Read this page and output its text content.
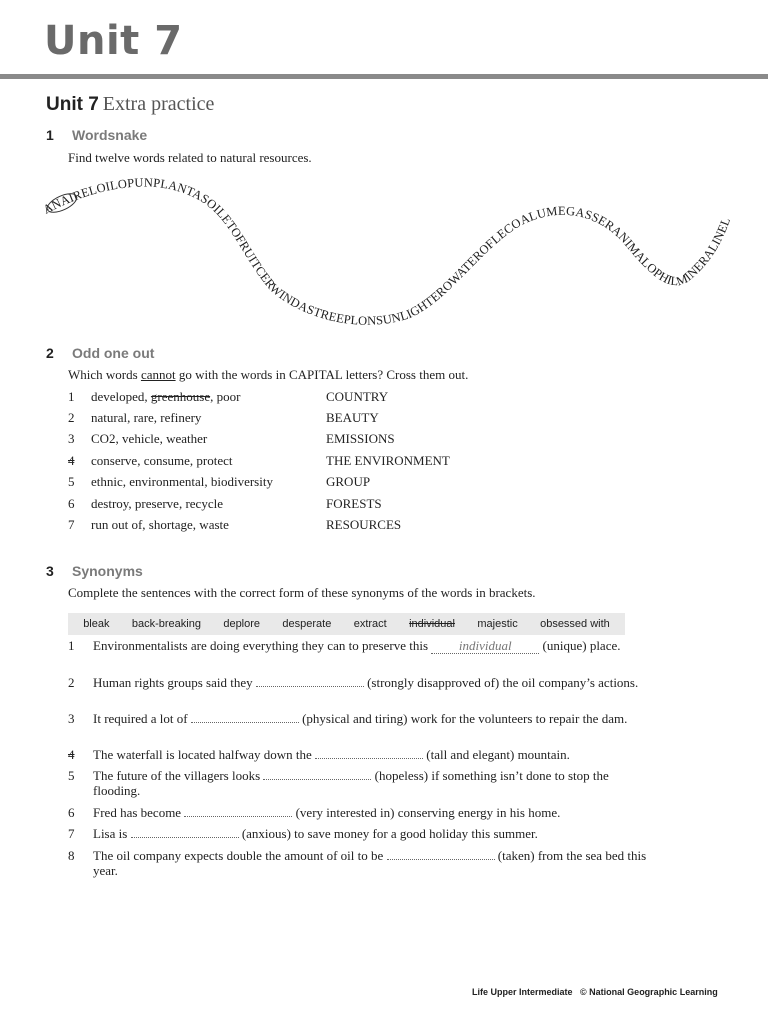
Unit 7
Unit 7 Extra practice
1 Wordsnake
Find twelve words related to natural resources.
ANAIRELOILOPUNPLANTASOILETOFRUITCERWINDASTREEPLONSUNLIGHTEROWATEROFLECOALUMEGASSERANIMALOPHILMINERALINEL
2 Odd one out
Which words cannot go with the words in CAPITAL letters? Cross them out.
1 developed, greenhouse, poor	COUNTRY
2 natural, rare, refinery	BEAUTY
3 CO2, vehicle, weather	EMISSIONS
4 conserve, consume, protect	THE ENVIRONMENT
5 ethnic, environmental, biodiversity	GROUP
6 destroy, preserve, recycle	FORESTS
7 run out of, shortage, waste	RESOURCES
3 Synonyms
Complete the sentences with the correct form of these synonyms of the words in brackets.
bleak back-breaking deplore desperate extract individual majestic obsessed with
1 Environmentalists are doing everything they can to preserve this individual (unique) place.
2 Human rights groups said they	(strongly disapproved of) the oil company’s actions.
3 It required a lot of	(physical and tiring) work for the volunteers to repair the dam.
4 The waterfall is located halfway down the	(tall and elegant) mountain.
5 The future of the villagers looks	(hopeless) if something isn’t done to stop the flooding.
6 Fred has become	(very interested in) conserving energy in his home.
7 Lisa is	(anxious) to save money for a good holiday this summer.
8 The oil company expects double the amount of oil to be	(taken) from the sea bed this year.
Life Upper Intermediate © National Geographic Learning
